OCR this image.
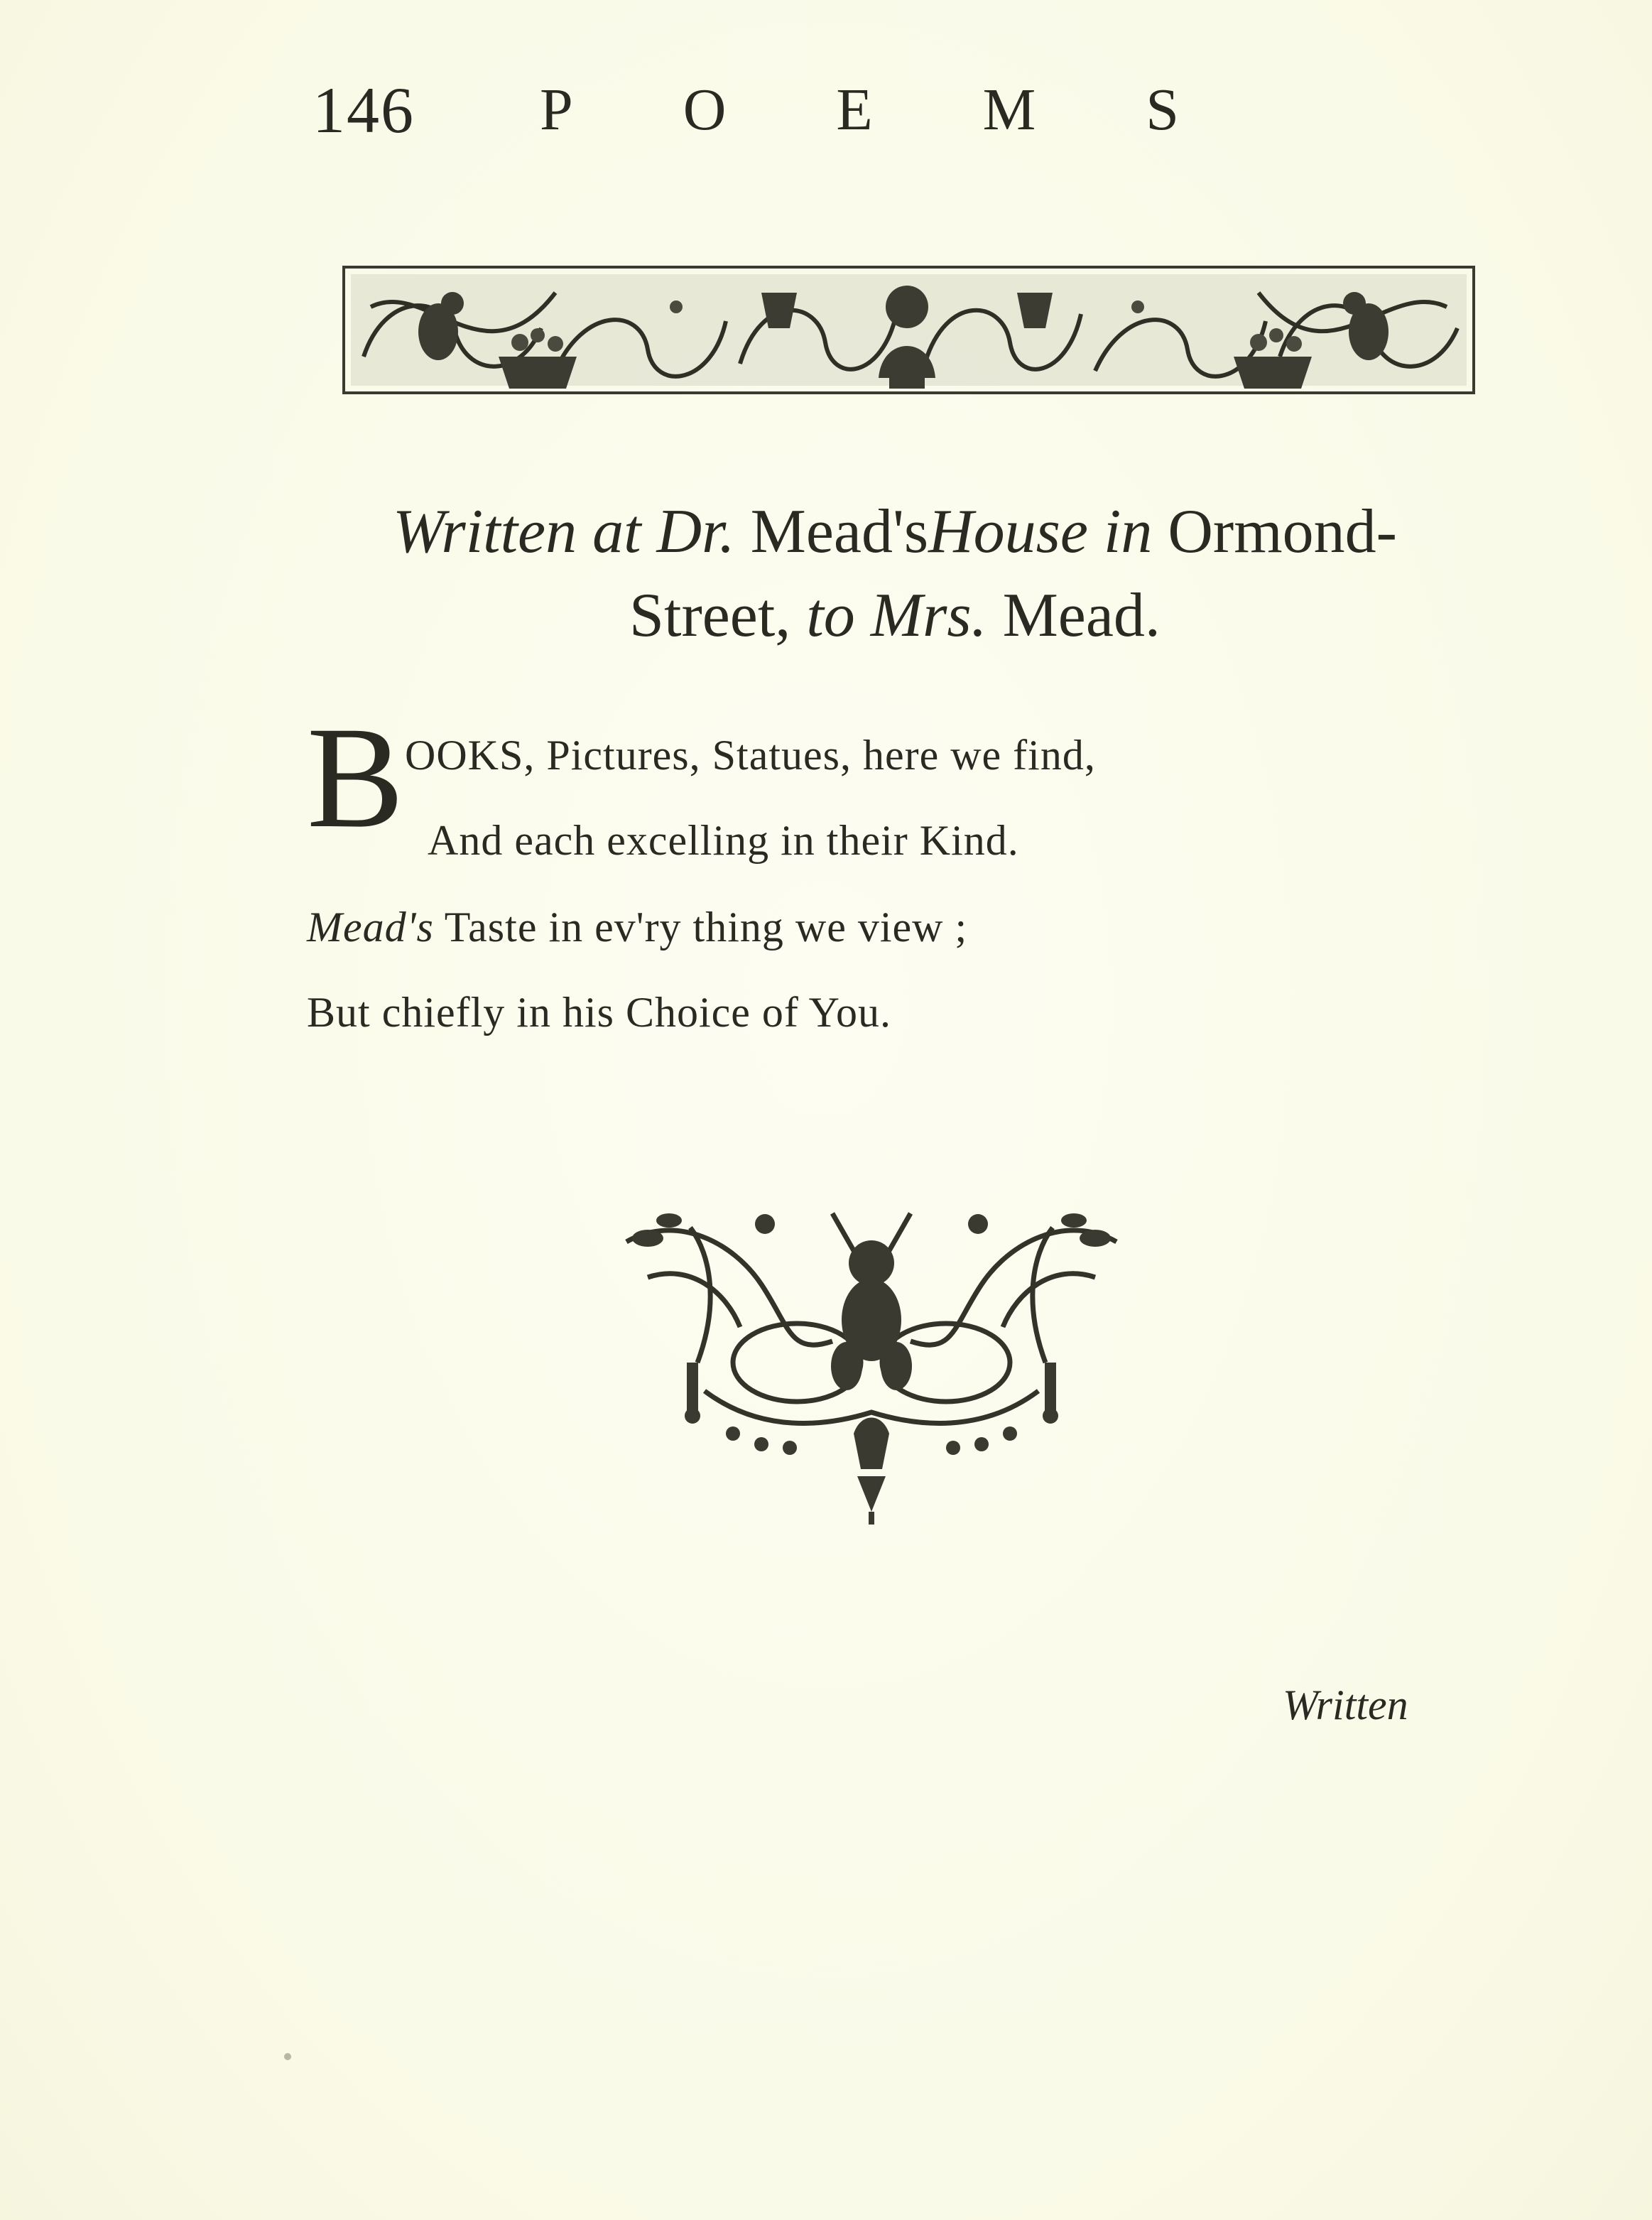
146 P O E M S
Written at Dr. Mead'sHouse in Ormond-
Street, to Mrs. Mead.
B OOKS, Pictures, Statues, here we find,
And each excelling in their Kind.
Mead's Taste in ev'ry thing we view ;
But chiefly in his Choice of You.
Written
